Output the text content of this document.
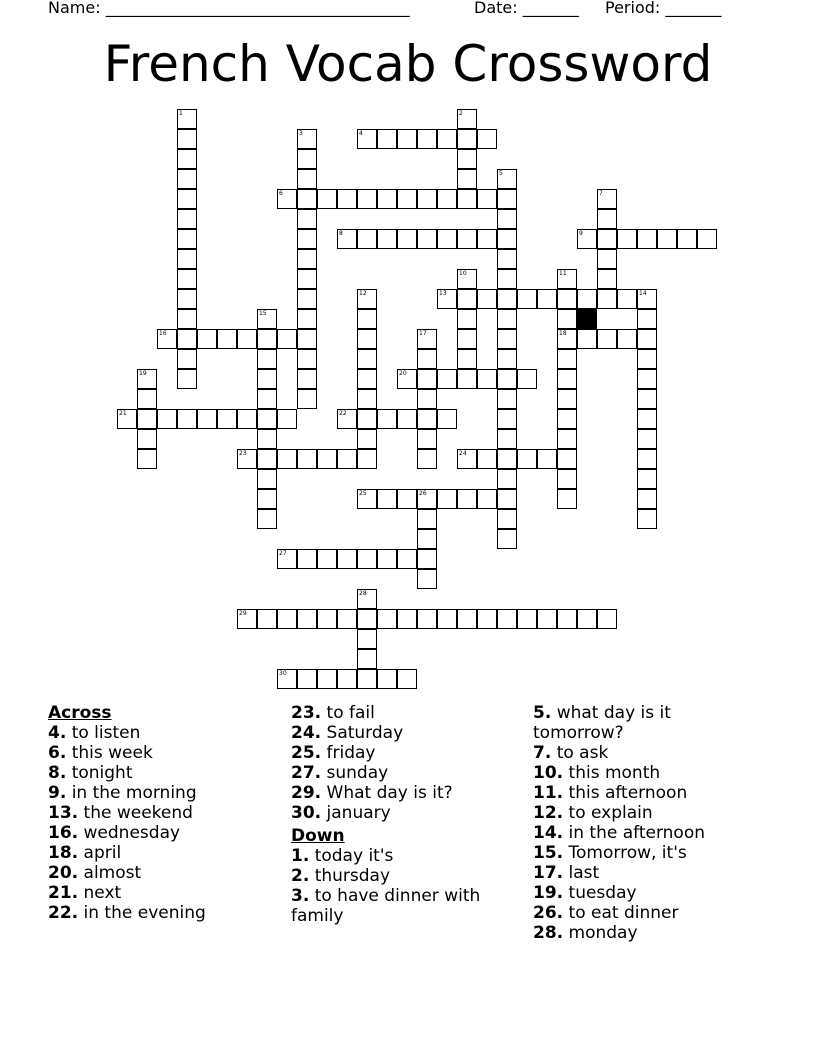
Name: ______________________________________	Date: _______ Period: _______
French Vocab Crossword
4
6
8	9
13
16	18
20
21	22
23	24
25	26
27
29
30
1	2
3
5
7
10	11
12	14
15
17
19
28
Across
4. to listen
6. this week
8. tonight
9. in the morning
13. the weekend
16. wednesday
18. april
20. almost
21. next
22. in the evening
23. to fail
24. Saturday
25. friday
27. sunday
29. What day is it?
30. january
Down
1. today it's
2. thursday
3. to have dinner with family
5. what day is it tomorrow?
7. to ask
10. this month
11. this afternoon
12. to explain
14. in the afternoon
15. Tomorrow, it's
17. last
19. tuesday
26. to eat dinner
28. monday
